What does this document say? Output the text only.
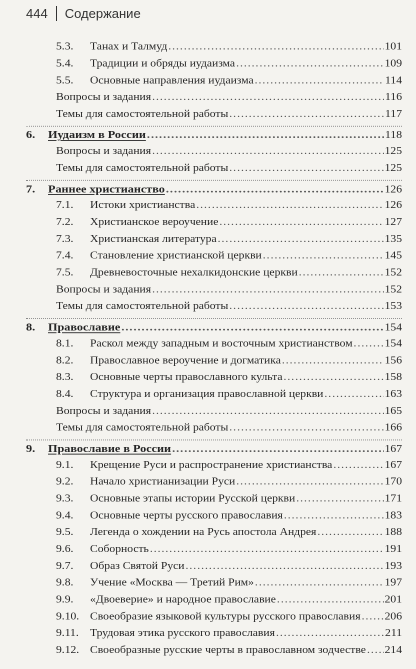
444 Содержание
5.3.	Танах и Талмуд .....	101
5.4.	Традиции и обряды иудаизма .....	109
5.5.	Основные направления иудаизма .....	114
Вопросы и задания .....	116
Темы для самостоятельной работы .....	117
6.	Иудаизм в России .....	118
Вопросы и задания .....	125
Темы для самостоятельной работы .....	125
7.	Раннее христианство .....	126
7.1.	Истоки христианства .....	126
7.2.	Христианское вероучение .....	127
7.3.	Христианская литература .....	135
7.4.	Становление христианской церкви .....	145
7.5.	Древневосточные нехалкидонские церкви .....	152
Вопросы и задания .....	152
Темы для самостоятельной работы .....	153
8.	Православие .....	154
8.1.	Раскол между западным и восточным христианством .....	154
8.2.	Православное вероучение и догматика .....	156
8.3.	Основные черты православного культа .....	158
8.4.	Структура и организация православной церкви .....	163
Вопросы и задания .....	165
Темы для самостоятельной работы .....	166
9.	Православие в России .....	167
9.1.	Крещение Руси и распространение христианства .....	167
9.2.	Начало христианизации Руси .....	170
9.3.	Основные этапы истории Русской церкви .....	171
9.4.	Основные черты русского православия .....	183
9.5.	Легенда о хождении на Русь апостола Андрея .....	188
9.6.	Соборность .....	191
9.7.	Образ Святой Руси .....	193
9.8.	Учение «Москва — Третий Рим» .....	197
9.9.	«Двоеверие» и народное православие .....	201
9.10. Своеобразие языковой культуры русского православия ..... 206
9.11. Трудовая этика русского православия .....	211
9.12. Своеобразные русские черты в православном зодчестве ..... 214
